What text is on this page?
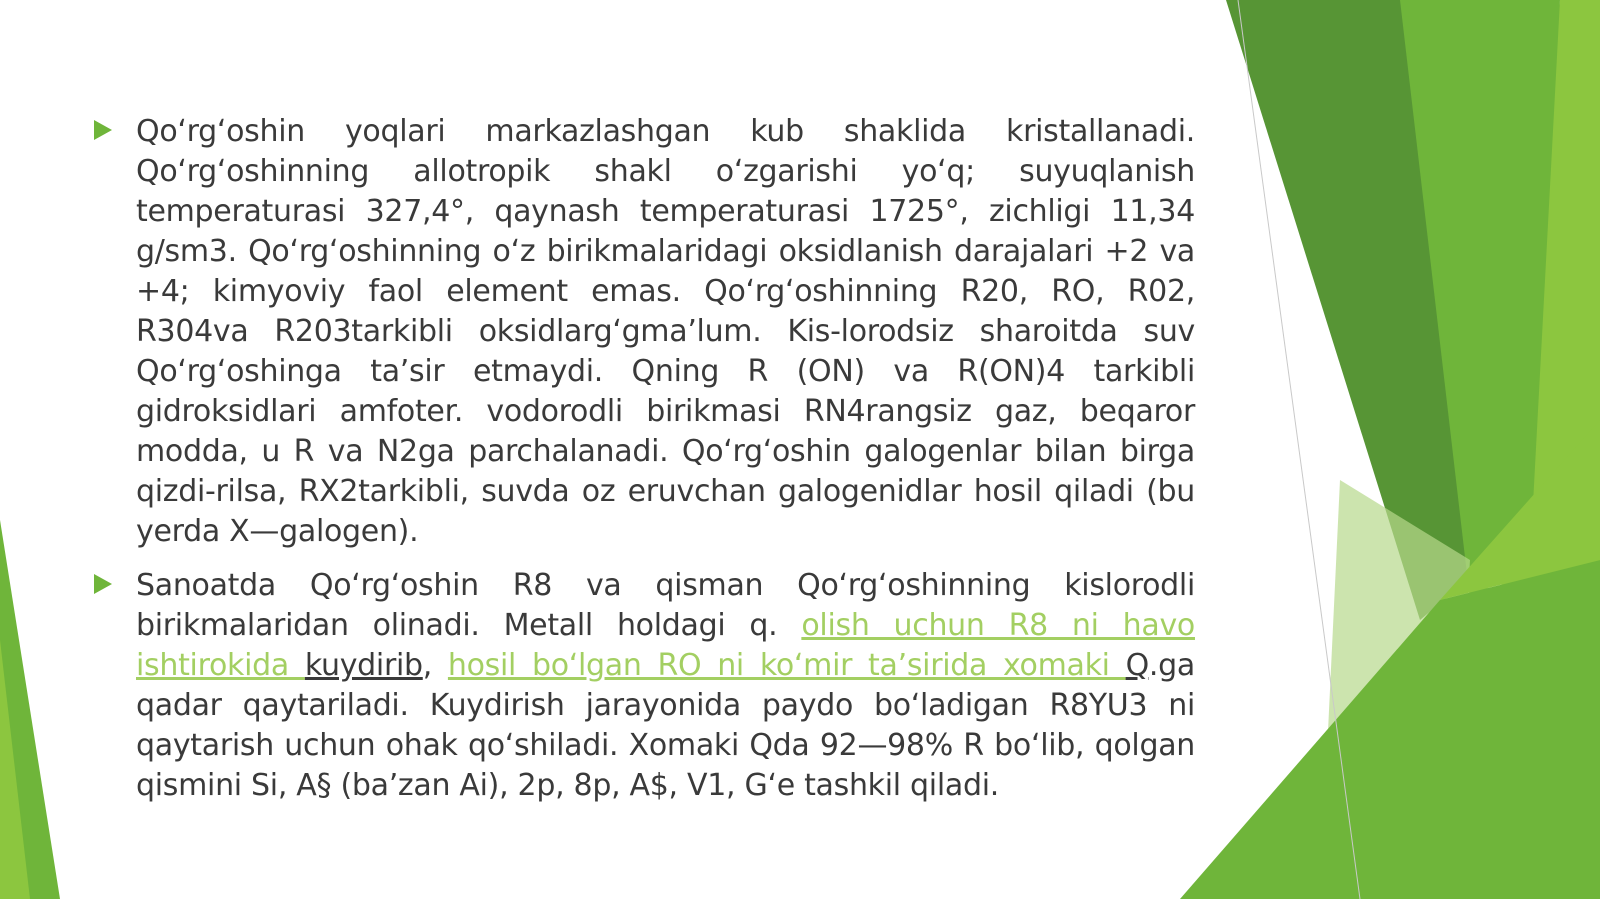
Qo‘rg‘oshin yoqlari markazlashgan kub shaklida kristallanadi. Qo‘rg‘oshinning allotropik shakl o‘zgarishi yo‘q; suyuqlanish temperaturasi 327,4°, qaynash temperaturasi 1725°, zichligi 11,34 g/sm3. Qo‘rg‘oshinning o‘z birikmalaridagi oksidlanish darajalari +2 va +4; kimyoviy faol element emas. Qo‘rg‘oshinning R20, RO, R02, R304va R203tarkibli oksidlarg‘gma’lum. Kis-lorodsiz sharoitda suv Qo‘rg‘oshinga ta’sir etmaydi. Qning R (ON) va R(ON)4 tarkibli gidroksidlari amfoter. vodorodli birikmasi RN4rangsiz gaz, beqaror modda, u R va N2ga parchalanadi. Qo‘rg‘oshin galogenlar bilan birga qizdi-rilsa, RX2tarkibli, suvda oz eruvchan galogenidlar hosil qiladi (bu yerda X—galogen).
Sanoatda Qo‘rg‘oshin R8 va qisman Qo‘rg‘oshinning kislorodli birikmalaridan olinadi. Metall holdagi q. olish uchun R8 ni havo ishtirokida kuydirib, hosil bo‘lgan RO ni ko‘mir ta’sirida xomaki Q.ga qadar qaytariladi. Kuydirish jarayonida paydo bo‘ladigan R8YU3 ni qaytarish uchun ohak qo‘shiladi. Xomaki Qda 92—98% R bo‘lib, qolgan qismini Si, A§ (ba’zan Ai), 2p, 8p, A$, V1, G‘e tashkil qiladi.
